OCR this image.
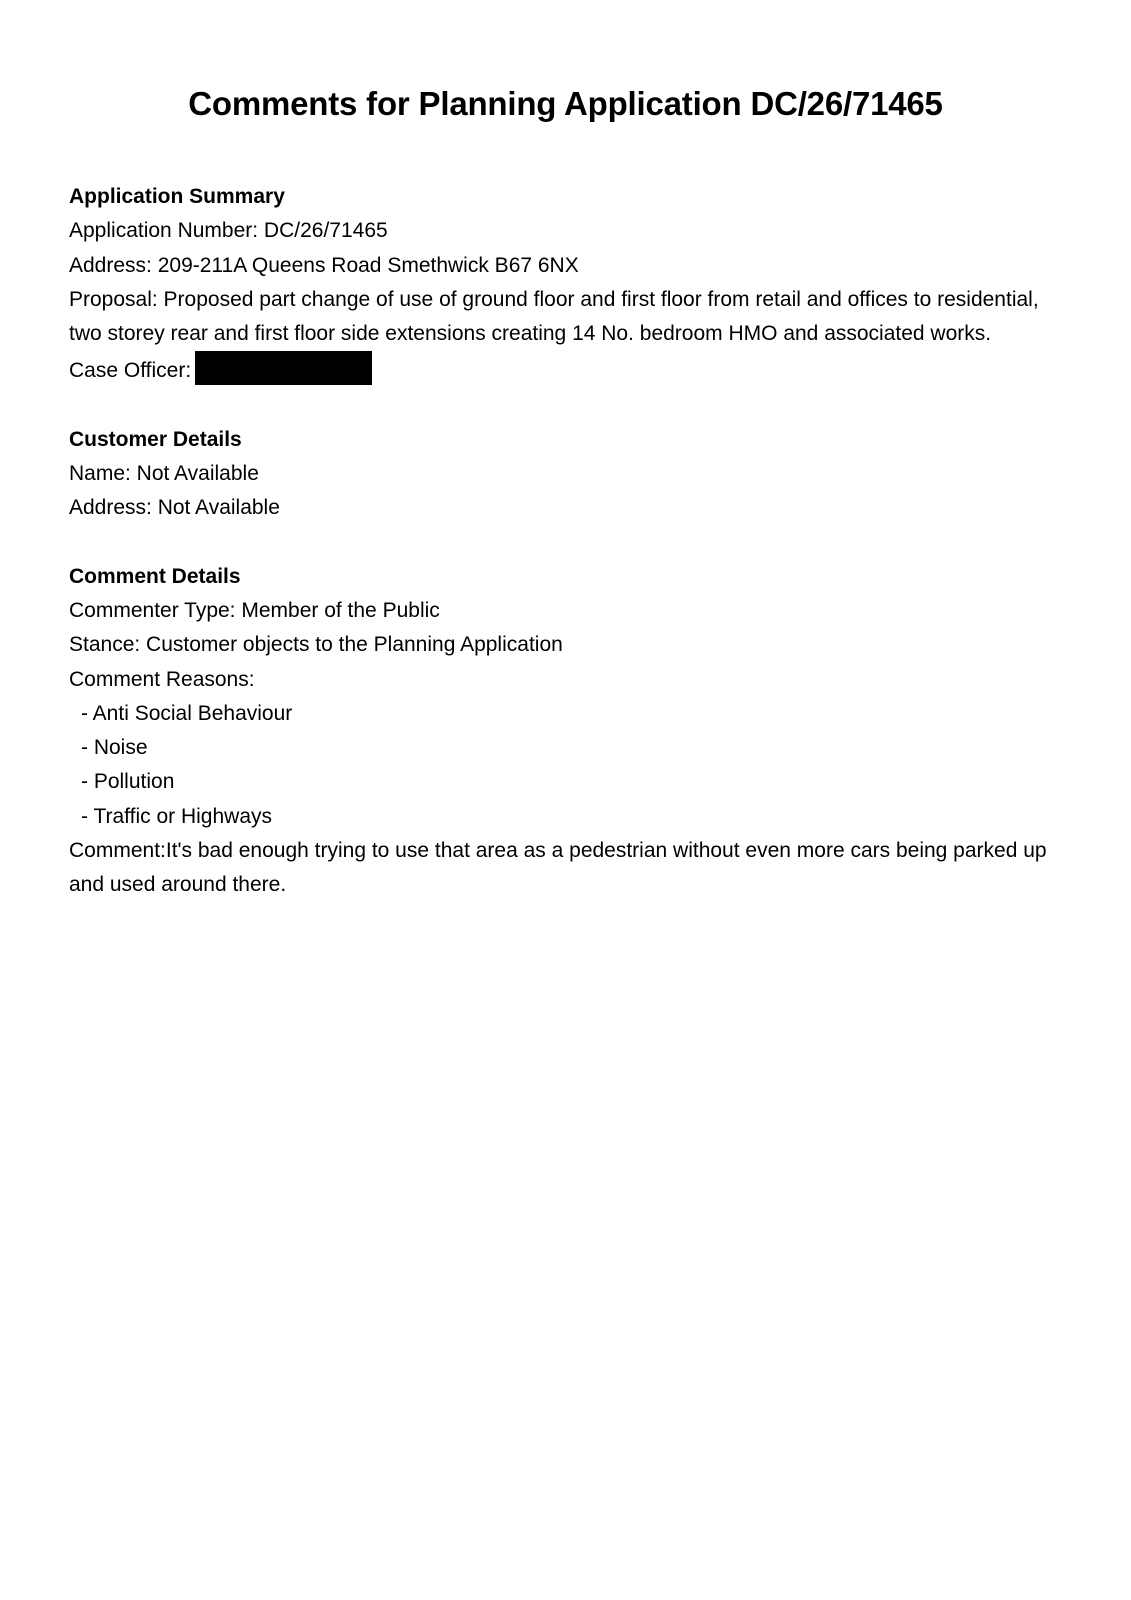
Comments for Planning Application DC/26/71465

Application Summary

Application Number: DC/26/71465

Address: 209-211A Queens Road Smethwick B67 6NX

Proposal: Proposed part change of use of ground floor and first floor from retail and offices to residential, two storey rear and first floor side extensions creating 14 No. bedroom HMO and associated works.

Case Officer:

Customer Details

Name: Not Available

Address: Not Available

Comment Details

Commenter Type: Member of the Public

Stance: Customer objects to the Planning Application

Comment Reasons:

- Anti Social Behaviour
- Noise
- Pollution
- Traffic or Highways

Comment:It's bad enough trying to use that area as a pedestrian without even more cars being parked up and used around there.
